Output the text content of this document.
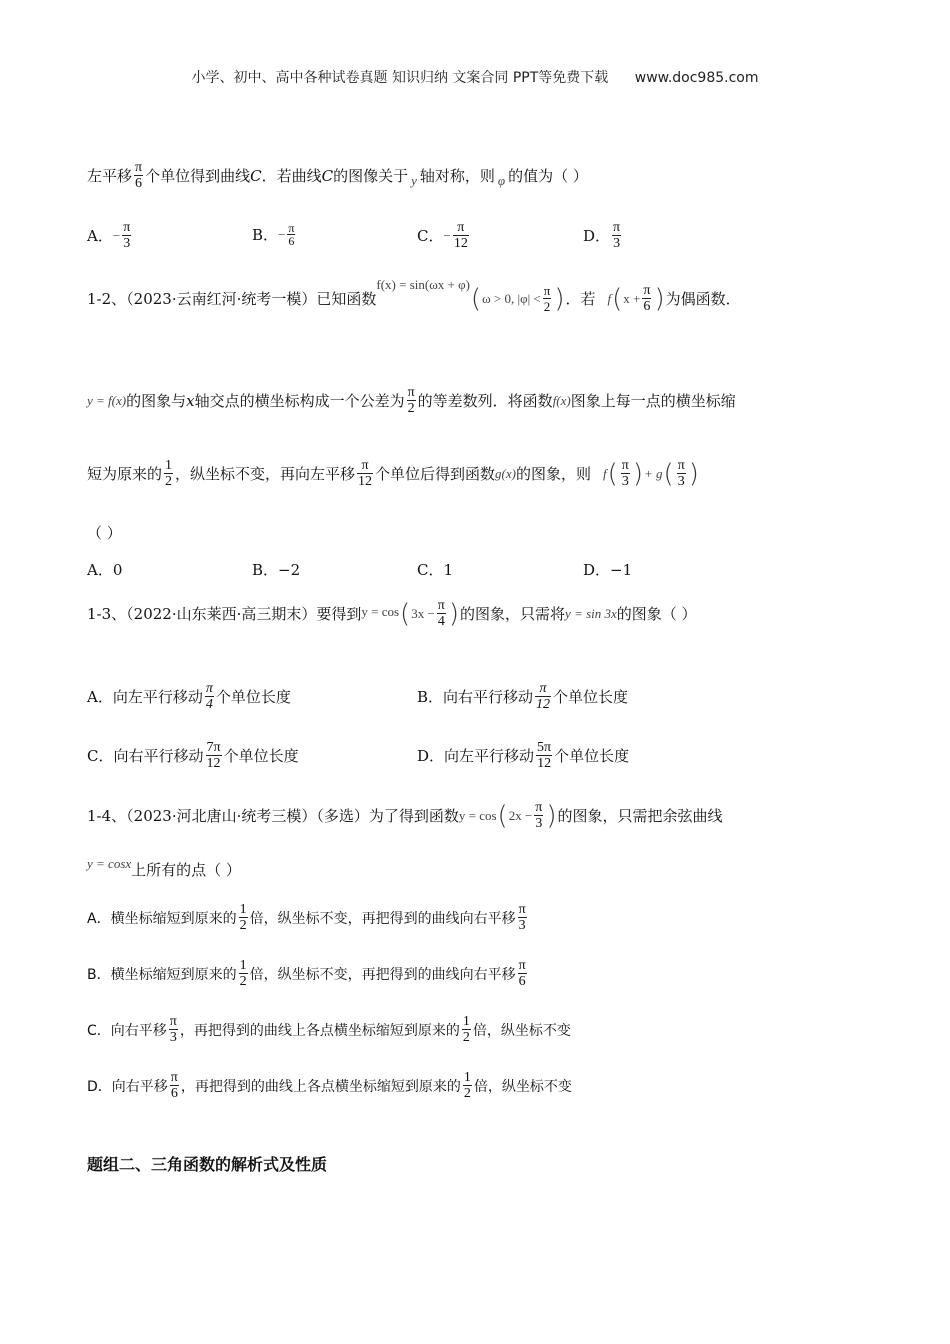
小学、初中、高中各种试卷真题 知识归纳 文案合同 PPT等免费下载 www.doc985.com
左平移 $\frac{\pi}{6}$ 个单位得到曲线 C ．若曲线 C 的图像关于 y 轴对称，则 φ 的值为（ ）
A． − $\frac{\pi}{3}$	B． − $\frac{\pi}{6}$	C． − $\frac{\pi}{12}$	D． $\frac{\pi}{3}$
1-2、（2023·云南红河·统考一模）已知函数
f(x) = sin(ωx + φ) ( ω > 0, $|\varphi| < \frac{\pi}{2}$ ) ．若 f ( $x + \frac{\pi}{6}$ ) 为偶函数．
y = f(x) 的图象与 x 轴交点的横坐标构成一个公差为 $\frac{\pi}{2}$ 的等差数列．将函数 f(x) 图象上每一点的横坐标缩
短为原来的 $\frac{1}{2}$ ，纵坐标不变，再向左平移 $\frac{\pi}{12}$ 个单位后得到函数 g(x) 的图象，则 f ( $\frac{\pi}{3}$ ) + g ( $\frac{\pi}{3}$ )
（ ）
A． 0	B． −2	C． 1	D． −1
1-3、（2022·山东莱西·高三期末）要得到 y = cos ( $3x - \frac{\pi}{4}$ ) 的图象，只需将 y = sin 3x 的图象（ ）
A．向左平行移动 $\frac{\pi}{4}$ 个单位长度	B．向右平行移动 $\frac{\pi}{12}$ 个单位长度
C．向右平行移动 $\frac{7\pi}{12}$ 个单位长度	D．向左平行移动 $\frac{5\pi}{12}$ 个单位长度
1-4、（2023·河北唐山·统考三模）（多选）为了得到函数 y = cos ( $2x - \frac{\pi}{3}$ ) 的图象，只需把余弦曲线
y = cosx 上所有的点（ ）
A． 横坐标缩短到原来的 $\frac{1}{2}$ 倍，纵坐标不变，再把得到的曲线向右平移 $\frac{\pi}{3}$
B． 横坐标缩短到原来的 $\frac{1}{2}$ 倍，纵坐标不变，再把得到的曲线向右平移 $\frac{\pi}{6}$
C． 向右平移 $\frac{\pi}{3}$ ，再把得到的曲线上各点横坐标缩短到原来的 $\frac{1}{2}$ 倍，纵坐标不变
D． 向右平移 $\frac{\pi}{6}$ ，再把得到的曲线上各点横坐标缩短到原来的 $\frac{1}{2}$ 倍，纵坐标不变
题组二、三角函数的解析式及性质
